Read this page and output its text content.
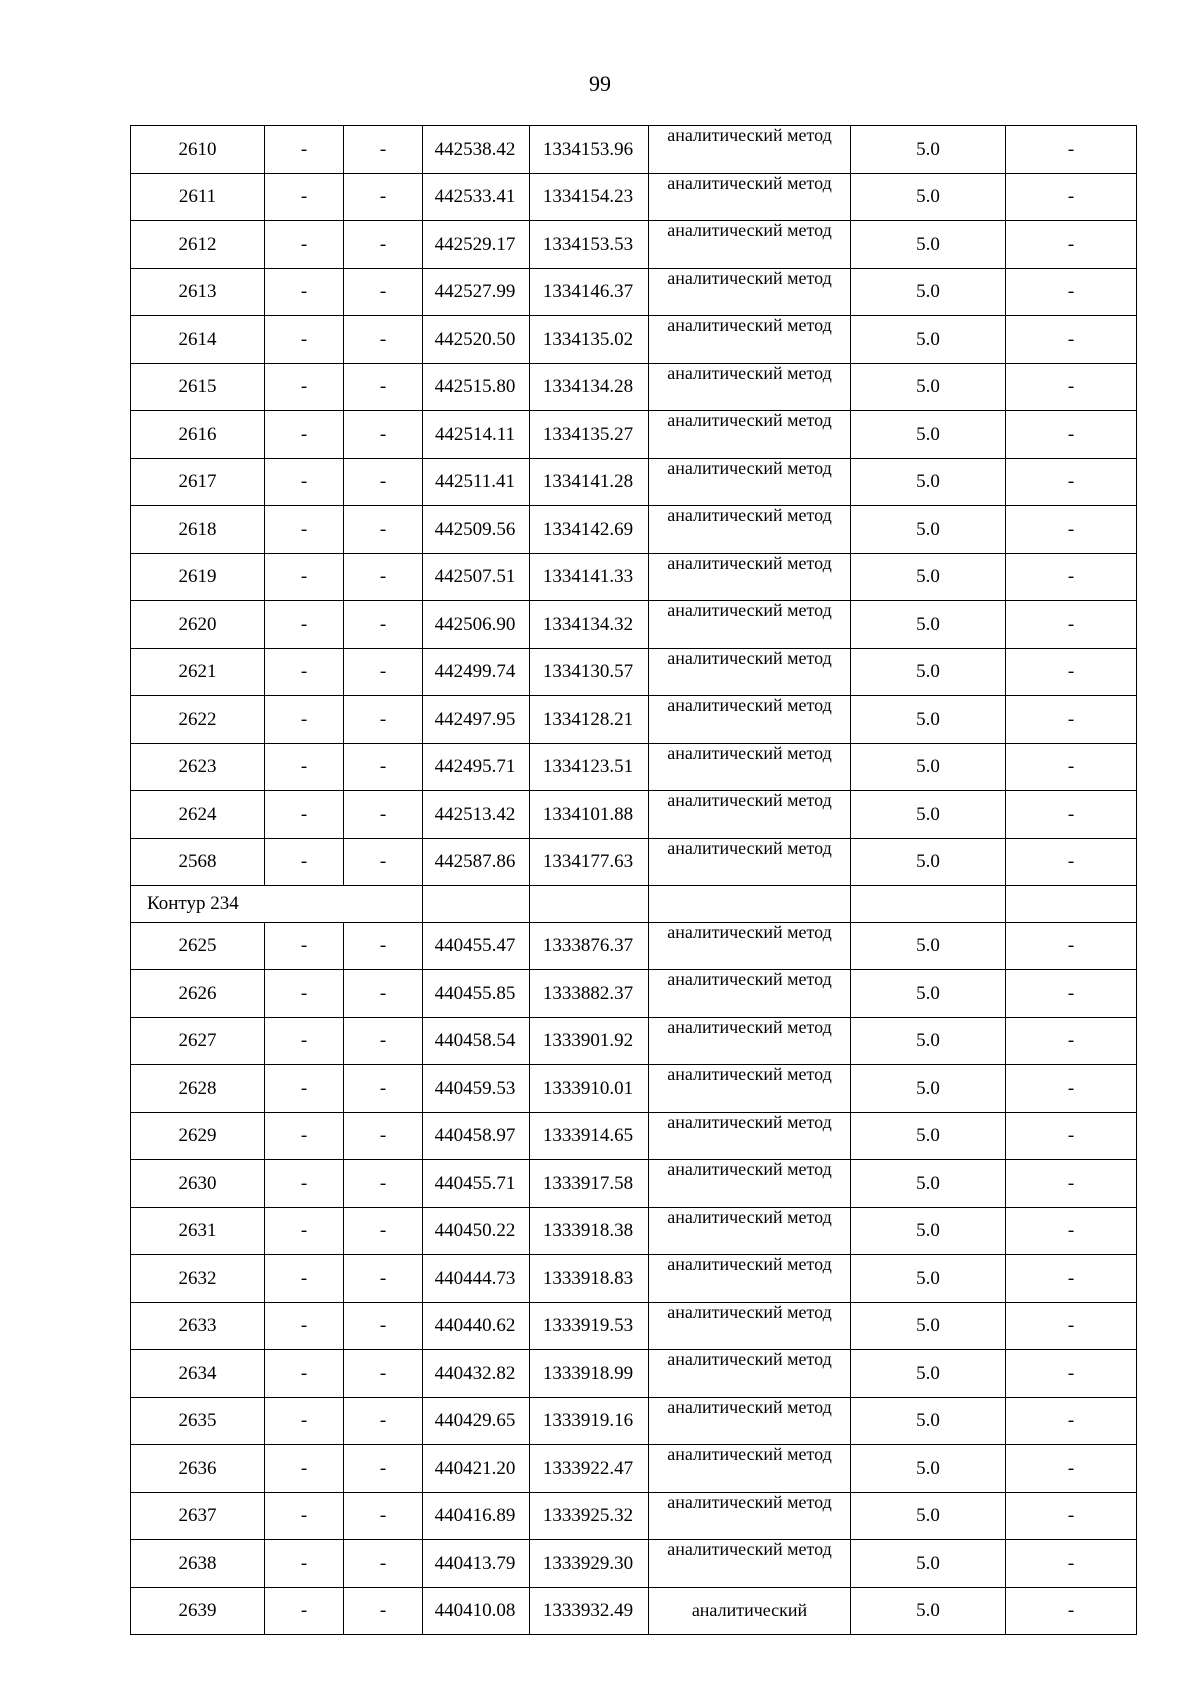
99
2610	-	-	442538.42	1334153.96	аналитический метод	5.0	-
2611	-	-	442533.41	1334154.23	аналитический метод	5.0	-
2612	-	-	442529.17	1334153.53	аналитический метод	5.0	-
2613	-	-	442527.99	1334146.37	аналитический метод	5.0	-
2614	-	-	442520.50	1334135.02	аналитический метод	5.0	-
2615	-	-	442515.80	1334134.28	аналитический метод	5.0	-
2616	-	-	442514.11	1334135.27	аналитический метод	5.0	-
2617	-	-	442511.41	1334141.28	аналитический метод	5.0	-
2618	-	-	442509.56	1334142.69	аналитический метод	5.0	-
2619	-	-	442507.51	1334141.33	аналитический метод	5.0	-
2620	-	-	442506.90	1334134.32	аналитический метод	5.0	-
2621	-	-	442499.74	1334130.57	аналитический метод	5.0	-
2622	-	-	442497.95	1334128.21	аналитический метод	5.0	-
2623	-	-	442495.71	1334123.51	аналитический метод	5.0	-
2624	-	-	442513.42	1334101.88	аналитический метод	5.0	-
2568	-	-	442587.86	1334177.63	аналитический метод	5.0	-
Контур 234							
2625	-	-	440455.47	1333876.37	аналитический метод	5.0	-
2626	-	-	440455.85	1333882.37	аналитический метод	5.0	-
2627	-	-	440458.54	1333901.92	аналитический метод	5.0	-
2628	-	-	440459.53	1333910.01	аналитический метод	5.0	-
2629	-	-	440458.97	1333914.65	аналитический метод	5.0	-
2630	-	-	440455.71	1333917.58	аналитический метод	5.0	-
2631	-	-	440450.22	1333918.38	аналитический метод	5.0	-
2632	-	-	440444.73	1333918.83	аналитический метод	5.0	-
2633	-	-	440440.62	1333919.53	аналитический метод	5.0	-
2634	-	-	440432.82	1333918.99	аналитический метод	5.0	-
2635	-	-	440429.65	1333919.16	аналитический метод	5.0	-
2636	-	-	440421.20	1333922.47	аналитический метод	5.0	-
2637	-	-	440416.89	1333925.32	аналитический метод	5.0	-
2638	-	-	440413.79	1333929.30	аналитический метод	5.0	-
2639	-	-	440410.08	1333932.49	аналитический	5.0	-
